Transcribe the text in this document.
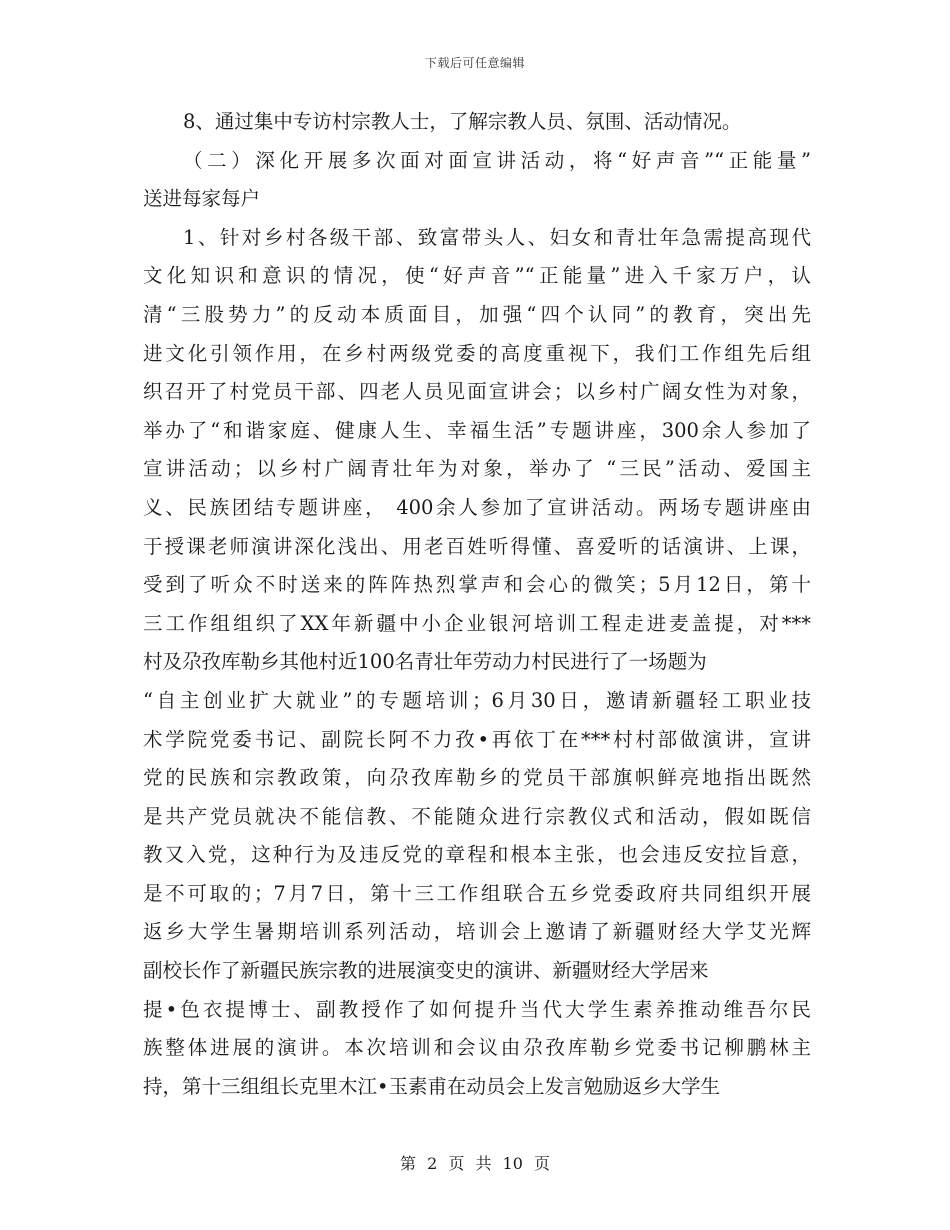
下载后可任意编辑
8、通过集中专访村宗教人士，了解宗教人员、氛围、活动情况。
（二）深化开展多次面对面宣讲活动，将“好声音”“正能量”
送进每家每户
1、针对乡村各级干部、致富带头人、妇女和青壮年急需提高现代
文化知识和意识的情况，使“好声音”“正能量”进入千家万户，认
清“三股势力”的反动本质面目，加强“四个认同”的教育，突出先
进文化引领作用，在乡村两级党委的高度重视下，我们工作组先后组
织召开了村党员干部、四老人员见面宣讲会；以乡村广阔女性为对象，
举办了“和谐家庭、健康人生、幸福生活”专题讲座，300余人参加了
宣讲活动；以乡村广阔青壮年为对象，举办了 “三民”活动、爱国主
义、民族团结专题讲座， 400余人参加了宣讲活动。两场专题讲座由
于授课老师演讲深化浅出、用老百姓听得懂、喜爱听的话演讲、上课，
受到了听众不时送来的阵阵热烈掌声和会心的微笑；5月12日，第十
三工作组组织了XX年新疆中小企业银河培训工程走进麦盖提，对***
村及尕孜库勒乡其他村近100名青壮年劳动力村民进行了一场题为
“自主创业扩大就业”的专题培训；6月30日，邀请新疆轻工职业技
术学院党委书记、副院长阿不力孜•再依丁在***村村部做演讲，宣讲
党的民族和宗教政策，向尕孜库勒乡的党员干部旗帜鲜亮地指出既然
是共产党员就决不能信教、不能随众进行宗教仪式和活动，假如既信
教又入党，这种行为及违反党的章程和根本主张，也会违反安拉旨意，
是不可取的；7月7日，第十三工作组联合五乡党委政府共同组织开展
返乡大学生暑期培训系列活动，培训会上邀请了新疆财经大学艾光辉
副校长作了新疆民族宗教的进展演变史的演讲、新疆财经大学居来
提•色衣提博士、副教授作了如何提升当代大学生素养推动维吾尔民
族整体进展的演讲。本次培训和会议由尕孜库勒乡党委书记柳鹏林主
持，第十三组组长克里木江•玉素甫在动员会上发言勉励返乡大学生
第 2 页 共 10 页
